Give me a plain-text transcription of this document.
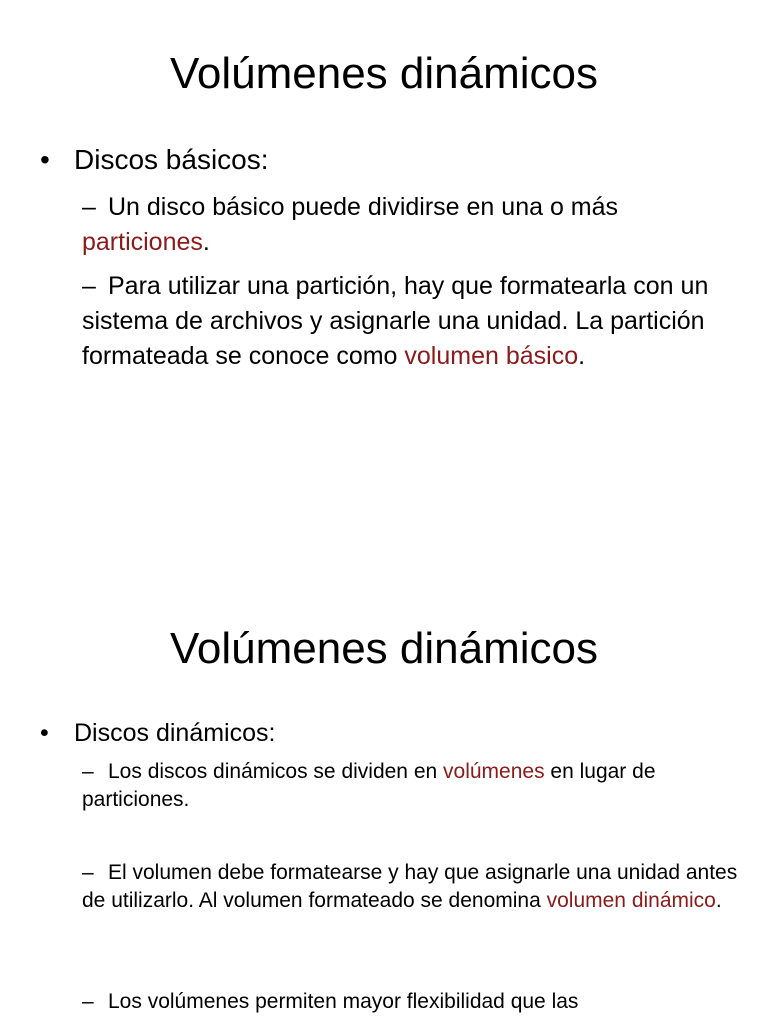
Volúmenes dinámicos

• Discos básicos:

– Un disco básico puede dividirse en una o más particiones.

– Para utilizar una partición, hay que formatearla con un sistema de archivos y asignarle una unidad. La partición formateada se conoce como volumen básico.

Volúmenes dinámicos

• Discos dinámicos:

– Los discos dinámicos se dividen en volúmenes en lugar de particiones.

– El volumen debe formatearse y hay que asignarle una unidad antes de utilizarlo. Al volumen formateado se denomina volumen dinámico.

– Los volúmenes permiten mayor flexibilidad que las
